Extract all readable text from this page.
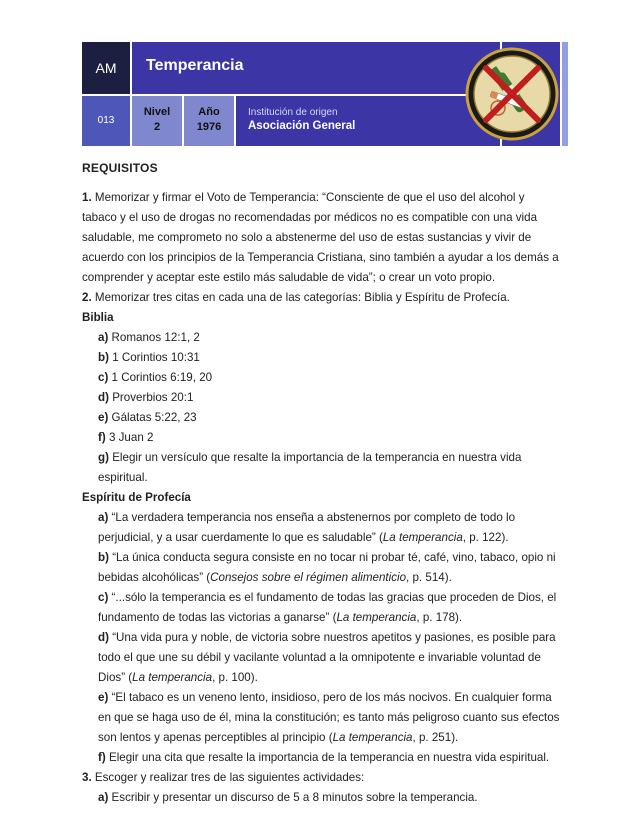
AM	Temperancia
013
Nivel
2
Año
1976
Institución de origen
Asociación General

REQUISITOS

1. Memorizar y firmar el Voto de Temperancia: “Consciente de que el uso del alcohol y tabaco y el uso de drogas no recomendadas por médicos no es compatible con una vida saludable, me comprometo no solo a abstenerme del uso de estas sustancias y vivir de acuerdo con los principios de la Temperancia Cristiana, sino también a ayudar a los demás a comprender y aceptar este estilo más saludable de vida”; o crear un voto propio.

2. Memorizar tres citas en cada una de las categorías: Biblia y Espíritu de Profecía.

Biblia

a) Romanos 12:1, 2

b) 1 Corintios 10:31

c) 1 Corintios 6:19, 20

d) Proverbios 20:1

e) Gálatas 5:22, 23

f) 3 Juan 2

g) Elegir un versículo que resalte la importancia de la temperancia en nuestra vida espiritual.

Espíritu de Profecía

a) “La verdadera temperancia nos enseña a abstenernos por completo de todo lo perjudicial, y a usar cuerdamente lo que es saludable” (La temperancia, p. 122).

b) “La única conducta segura consiste en no tocar ni probar té, café, vino, tabaco, opio ni bebidas alcohólicas” (Consejos sobre el régimen alimenticio, p. 514).

c) “...sólo la temperancia es el fundamento de todas las gracias que proceden de Dios, el fundamento de todas las victorias a ganarse” (La temperancia, p. 178).

d) “Una vida pura y noble, de victoria sobre nuestros apetitos y pasiones, es posible para todo el que une su débil y vacilante voluntad a la omnipotente e invariable voluntad de Dios” (La temperancia, p. 100).

e) “El tabaco es un veneno lento, insidioso, pero de los más nocivos. En cualquier forma en que se haga uso de él, mina la constitución; es tanto más peligroso cuanto sus efectos son lentos y apenas perceptibles al principio (La temperancia, p. 251).

f) Elegir una cita que resalte la importancia de la temperancia en nuestra vida espiritual.

3. Escoger y realizar tres de las siguientes actividades:

a) Escribir y presentar un discurso de 5 a 8 minutos sobre la temperancia.
